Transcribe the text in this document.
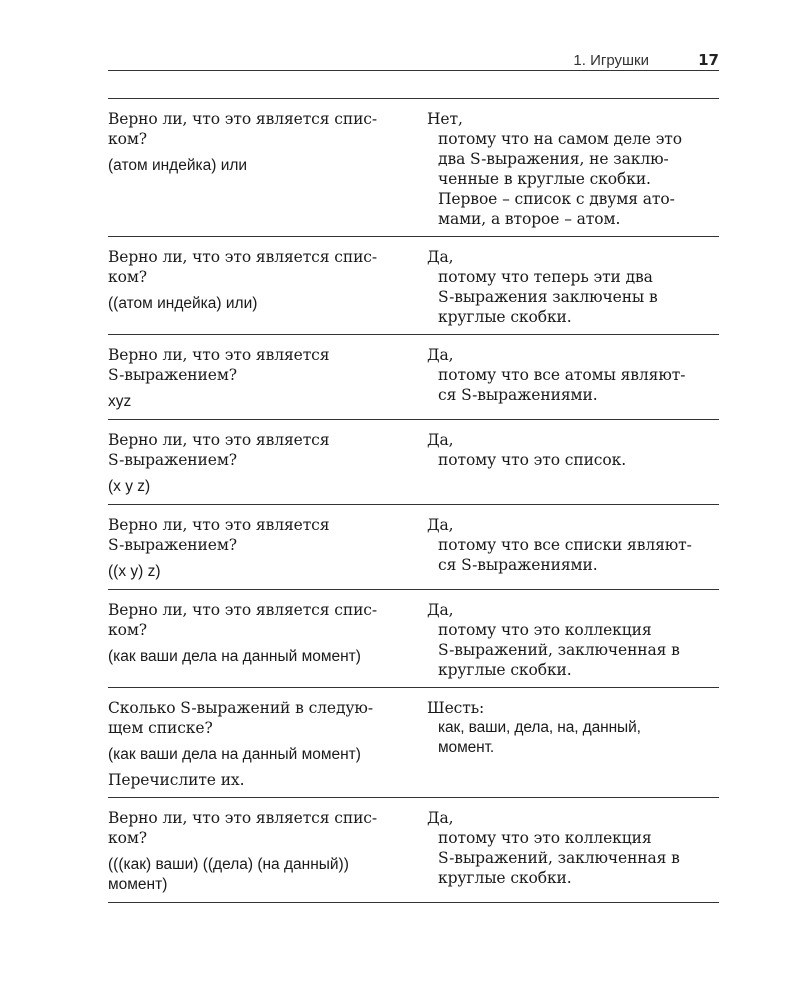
1. Игрушки	17
Верно ли, что это является спис-
ком?
(атом индейка) или
Нет,
потому что на самом деле это
два S-выражения, не заклю-
ченные в круглые скобки.
Первое – список с двумя ато-
мами, а второе – атом.
Верно ли, что это является спис-
ком?
((атом индейка) или)
Да,
потому что теперь эти два
S-выражения заключены в
круглые скобки.
Верно ли, что это является
S-выражением?
xyz
Да,
потому что все атомы являют-
ся S-выражениями.
Верно ли, что это является
S-выражением?
(x y z)
Да,
потому что это список.
Верно ли, что это является
S-выражением?
((x y) z)
Да,
потому что все списки являют-
ся S-выражениями.
Верно ли, что это является спис-
ком?
(как ваши дела на данный момент)
Да,
потому что это коллекция
S-выражений, заключенная в
круглые скобки.
Сколько S-выражений в следую-
щем списке?
(как ваши дела на данный момент)
Перечислите их.
Шесть:
как, ваши, дела, на, данный,
момент.
Верно ли, что это является спис-
ком?
(((как) ваши) ((дела) (на данный))
момент)
Да,
потому что это коллекция
S-выражений, заключенная в
круглые скобки.
